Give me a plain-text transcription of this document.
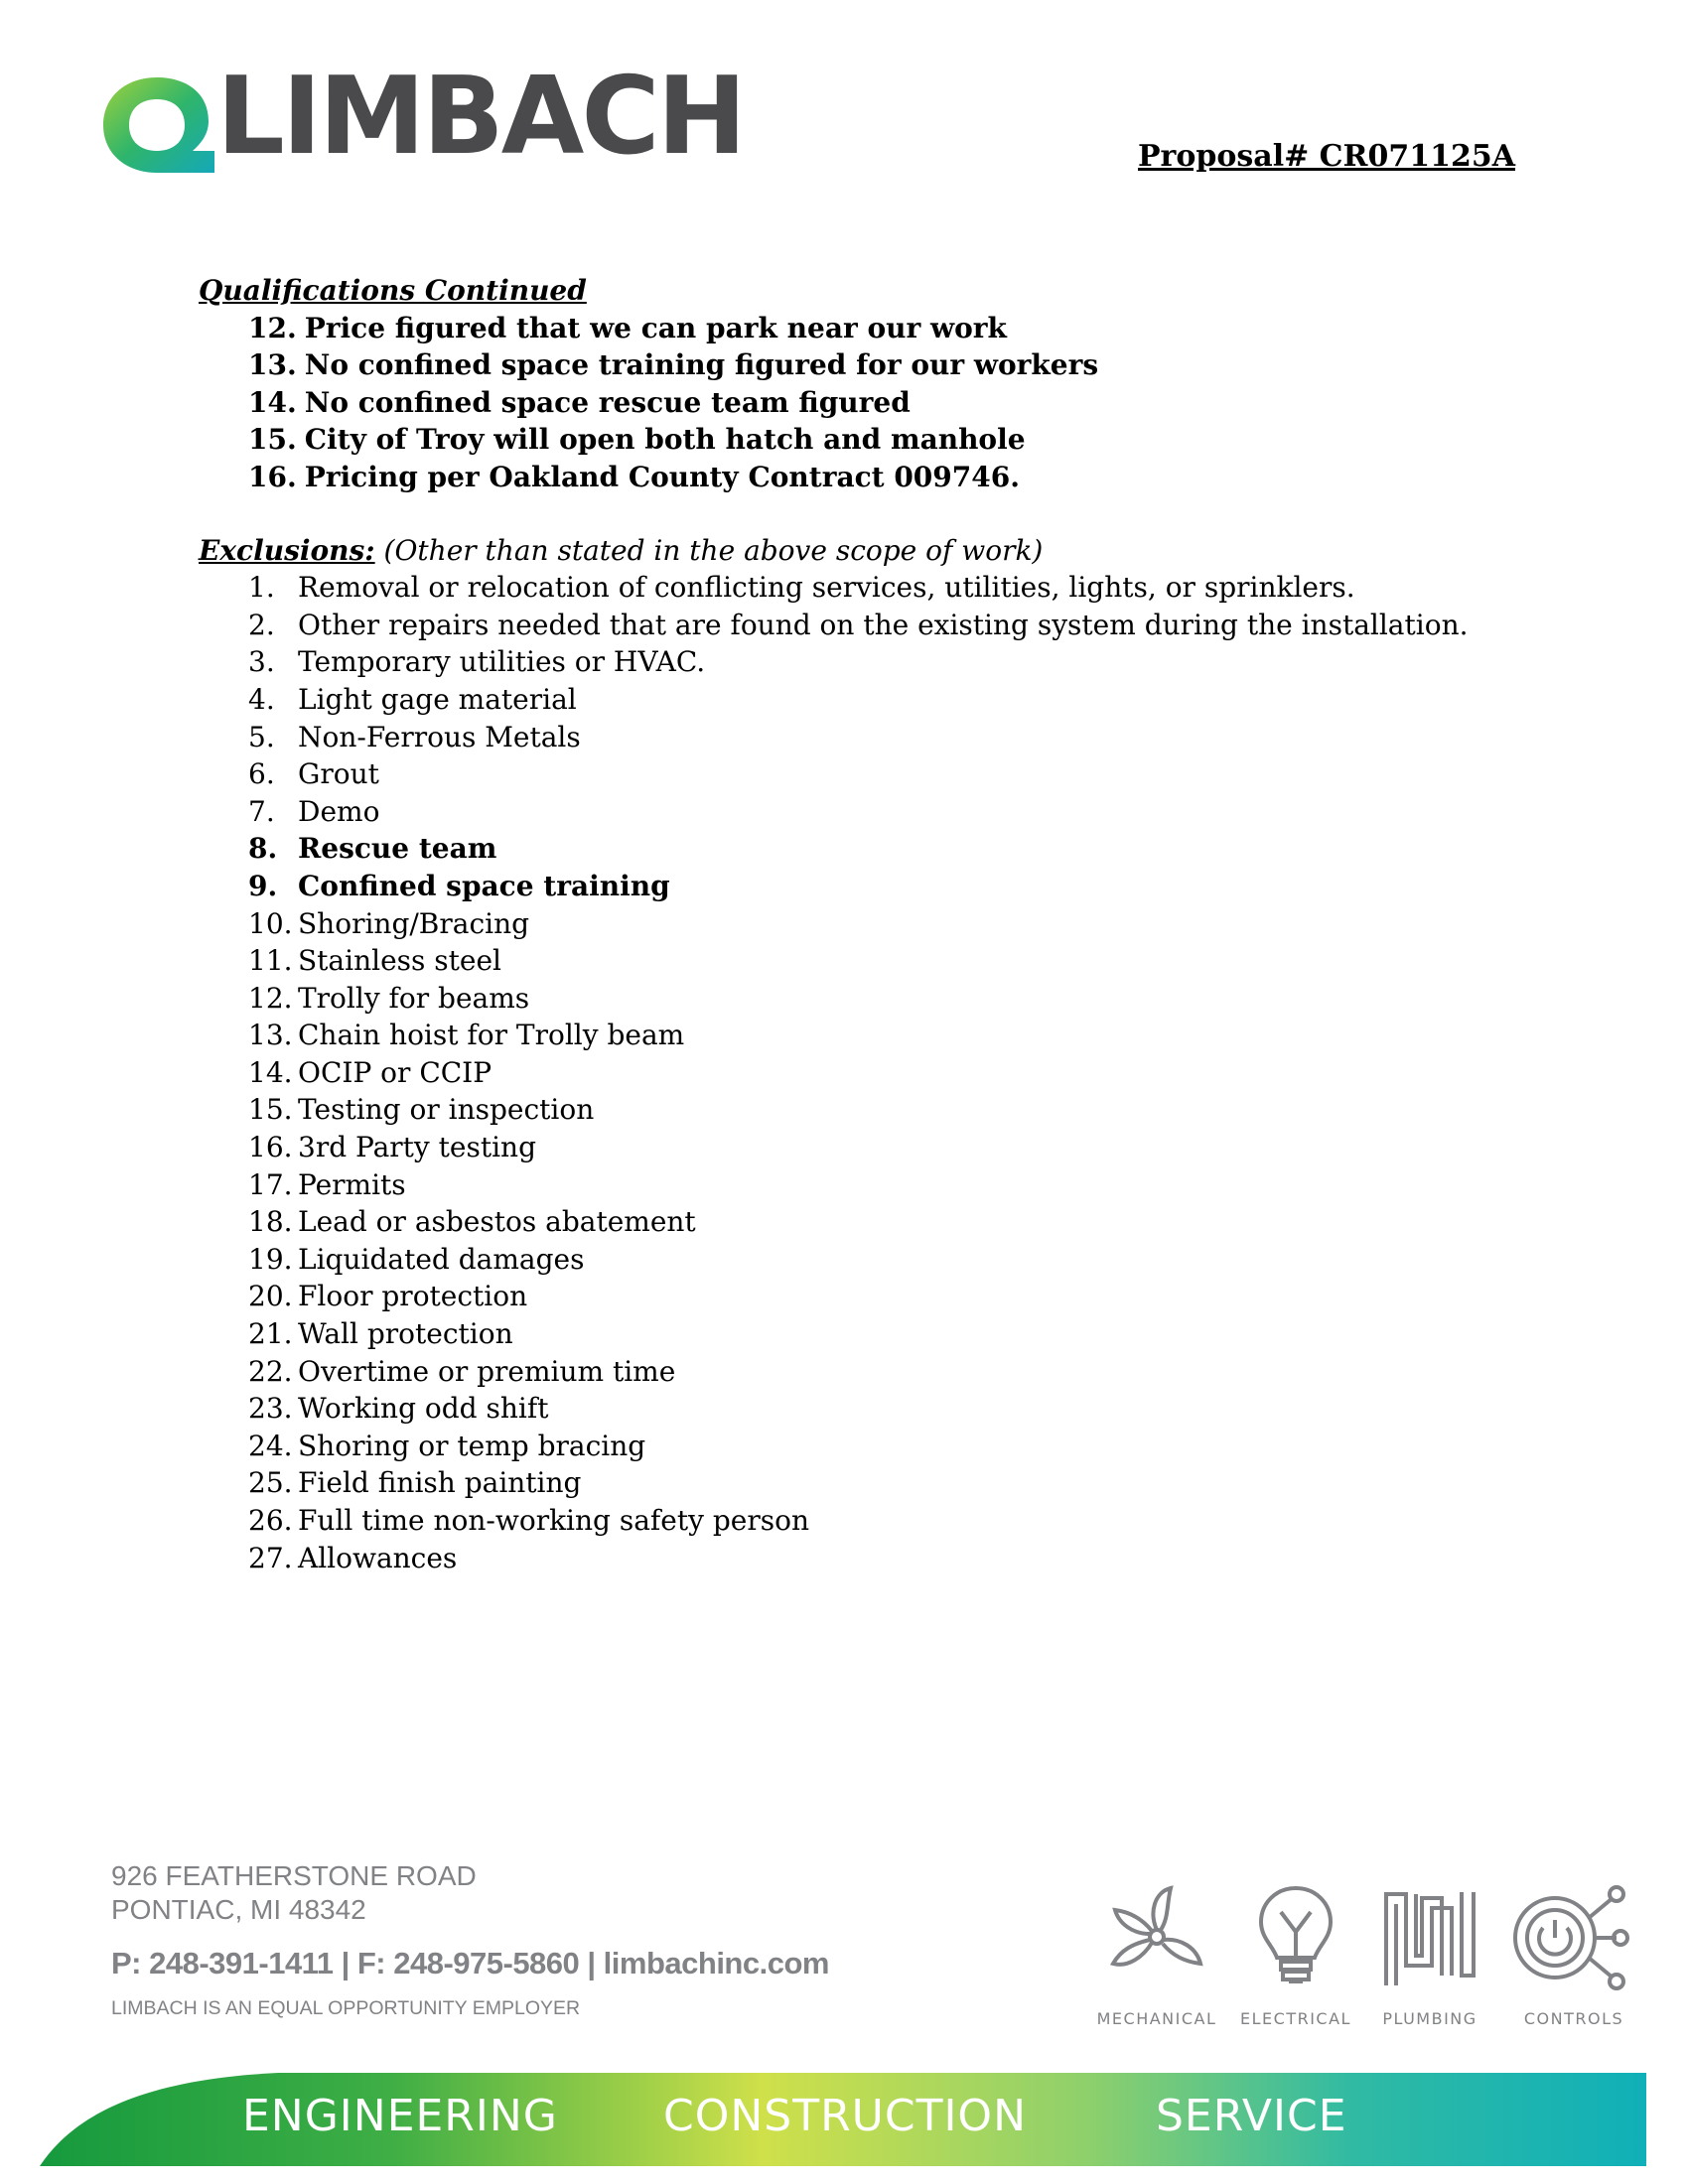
LIMBACH	Proposal# CR071125A
Qualifications Continued
12. Price figured that we can park near our work
13. No confined space training figured for our workers
14. No confined space rescue team figured
15. City of Troy will open both hatch and manhole
16. Pricing per Oakland County Contract 009746.
Exclusions: (Other than stated in the above scope of work)
1. Removal or relocation of conflicting services, utilities, lights, or sprinklers.
2. Other repairs needed that are found on the existing system during the installation.
3. Temporary utilities or HVAC.
4. Light gage material
5. Non-Ferrous Metals
6. Grout
7. Demo
8. Rescue team
9. Confined space training
10. Shoring/Bracing
11. Stainless steel
12. Trolly for beams
13. Chain hoist for Trolly beam
14. OCIP or CCIP
15. Testing or inspection
16. 3rd Party testing
17. Permits
18. Lead or asbestos abatement
19. Liquidated damages
20. Floor protection
21. Wall protection
22. Overtime or premium time
23. Working odd shift
24. Shoring or temp bracing
25. Field finish painting
26. Full time non-working safety person
27. Allowances
926 FEATHERSTONE ROAD
PONTIAC, MI 48342
P: 248-391-1411 | F: 248-975-5860 | limbachinc.com
LIMBACH IS AN EQUAL OPPORTUNITY EMPLOYER	MECHANICAL	ELECTRICAL	PLUMBING	CONTROLS
ENGINEERING CONSTRUCTION	SERVICE
